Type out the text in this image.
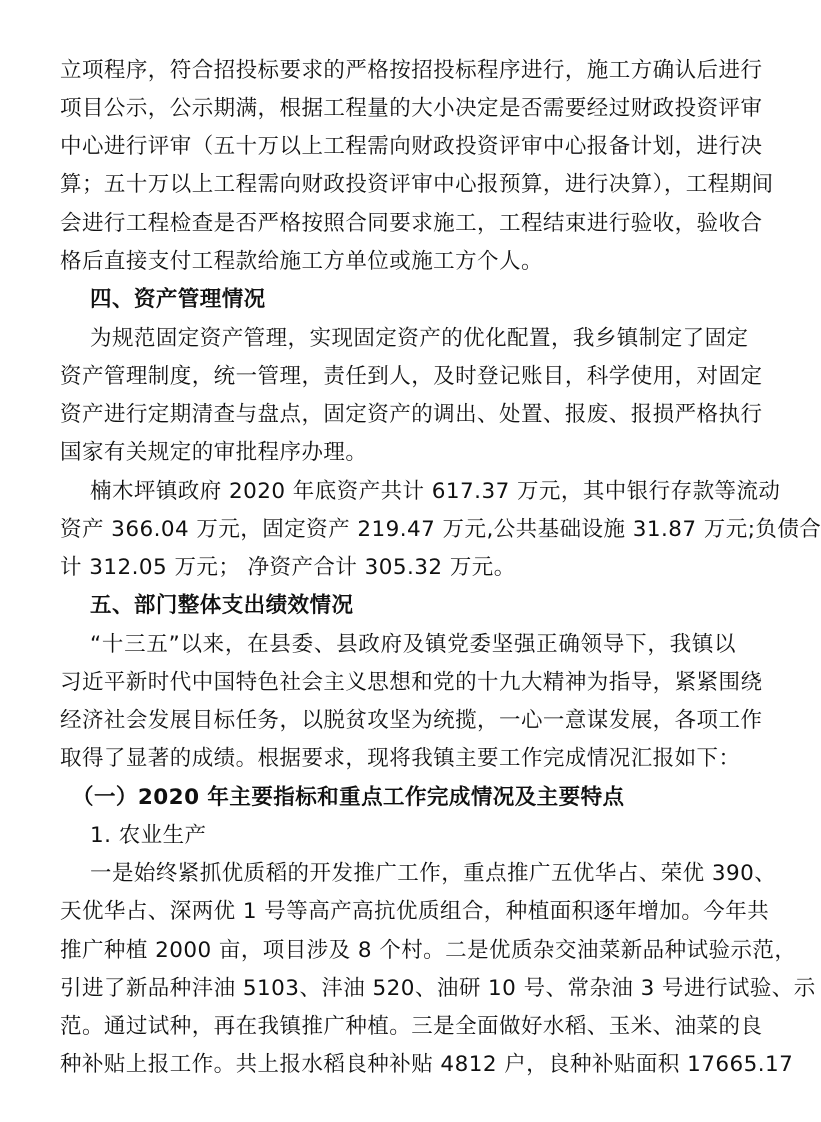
立项程序，符合招投标要求的严格按招投标程序进行，施工方确认后进行
项目公示，公示期满，根据工程量的大小决定是否需要经过财政投资评审
中心进行评审（五十万以上工程需向财政投资评审中心报备计划，进行决
算；五十万以上工程需向财政投资评审中心报预算，进行决算），工程期间
会进行工程检查是否严格按照合同要求施工，工程结束进行验收，验收合
格后直接支付工程款给施工方单位或施工方个人。
四、资产管理情况
为规范固定资产管理，实现固定资产的优化配置，我乡镇制定了固定
资产管理制度，统一管理，责任到人，及时登记账目，科学使用，对固定
资产进行定期清查与盘点，固定资产的调出、处置、报废、报损严格执行
国家有关规定的审批程序办理。
楠木坪镇政府 2020 年底资产共计 617.37 万元，其中银行存款等流动
资产 366.04 万元，固定资产 219.47 万元,公共基础设施 31.87 万元;负债合
计 312.05 万元； 净资产合计 305.32 万元。
五、部门整体支出绩效情况
“十三五”以来，在县委、县政府及镇党委坚强正确领导下，我镇以
习近平新时代中国特色社会主义思想和党的十九大精神为指导，紧紧围绕
经济社会发展目标任务，以脱贫攻坚为统揽，一心一意谋发展，各项工作
取得了显著的成绩。根据要求，现将我镇主要工作完成情况汇报如下：
（一）2020 年主要指标和重点工作完成情况及主要特点
1. 农业生产
一是始终紧抓优质稻的开发推广工作，重点推广五优华占、荣优 390、
天优华占、深两优 1 号等高产高抗优质组合，种植面积逐年增加。今年共
推广种植 2000 亩，项目涉及 8 个村。二是优质杂交油菜新品种试验示范，
引进了新品种沣油 5103、沣油 520、油研 10 号、常杂油 3 号进行试验、示
范。通过试种，再在我镇推广种植。三是全面做好水稻、玉米、油菜的良
种补贴上报工作。共上报水稻良种补贴 4812 户，良种补贴面积 17665.17
